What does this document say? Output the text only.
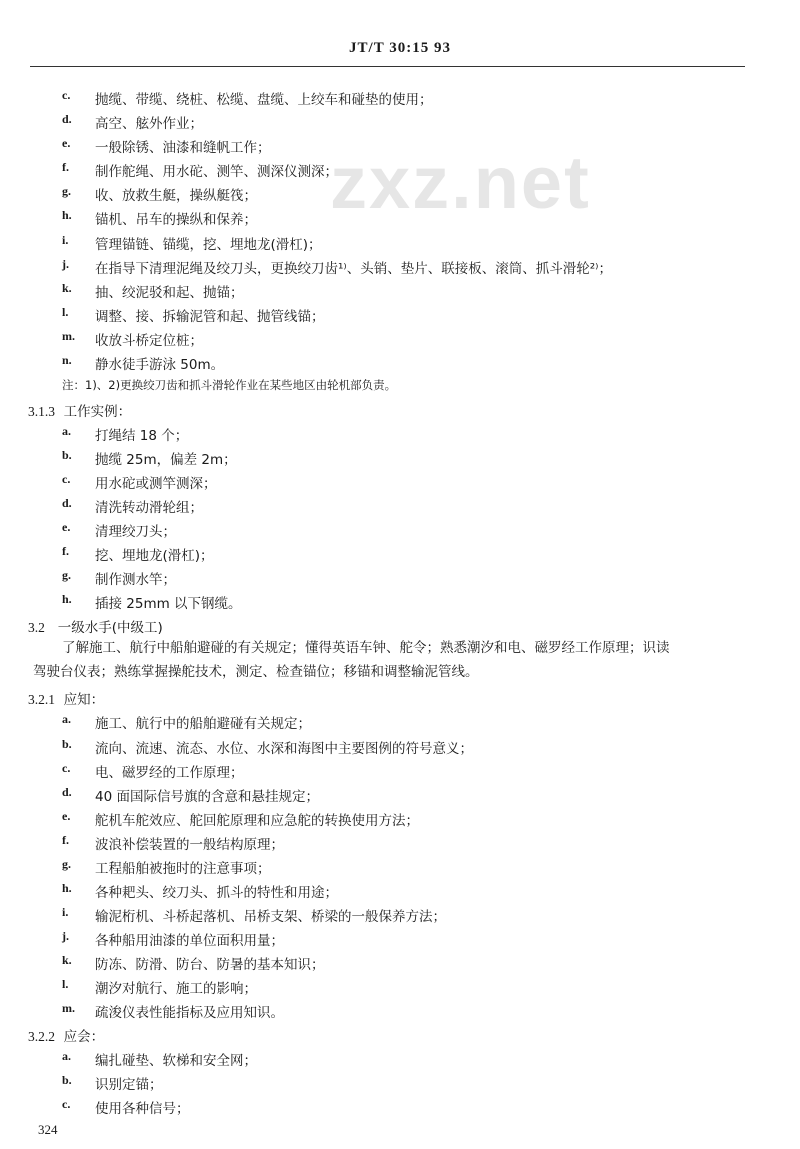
JT/T 30:15 93
zxz.net
c.	抛缆、带缆、绕桩、松缆、盘缆、上绞车和碰垫的使用；
d.	高空、舷外作业；
e.	一般除锈、油漆和缝帆工作；
f.	制作舵绳、用水砣、测竿、测深仪测深；
g.	收、放救生艇，操纵艇筏；
h.	锚机、吊车的操纵和保养；
i.	管理锚链、锚缆，挖、埋地龙(滑杠)；
j.	在指导下清理泥绳及绞刀头，更换绞刀齿¹⁾、头销、垫片、联接板、滚筒、抓斗滑轮²⁾；
k.	抽、绞泥驳和起、抛锚；
l.	调整、接、拆输泥管和起、抛管线锚；
m.	收放斗桥定位桩；
n.	静水徒手游泳 50m。
注：1)、2)更换绞刀齿和抓斗滑轮作业在某些地区由轮机部负责。
3.1.3 工作实例：
a.	打绳结 18 个；
b.	抛缆 25m，偏差 2m；
c.	用水砣或测竿测深；
d.	清洗转动滑轮组；
e.	清理绞刀头；
f.	挖、埋地龙(滑杠)；
g.	制作测水竿；
h.	插接 25mm 以下钢缆。
3.2 一级水手(中级工)
了解施工、航行中船舶避碰的有关规定；懂得英语车钟、舵令；熟悉潮汐和电、磁罗经工作原理；识读
驾驶台仪表；熟练掌握操舵技术，测定、检查锚位；移锚和调整输泥管线。
3.2.1 应知：
a.	施工、航行中的船舶避碰有关规定；
b.	流向、流速、流态、水位、水深和海图中主要图例的符号意义；
c.	电、磁罗经的工作原理；
d.	40 面国际信号旗的含意和悬挂规定；
e.	舵机车舵效应、舵回舵原理和应急舵的转换使用方法；
f.	波浪补偿装置的一般结构原理；
g.	工程船舶被拖时的注意事项；
h.	各种耙头、绞刀头、抓斗的特性和用途；
i.	输泥桁机、斗桥起落机、吊桥支架、桥梁的一般保养方法；
j.	各种船用油漆的单位面积用量；
k.	防冻、防滑、防台、防暑的基本知识；
l.	潮汐对航行、施工的影响；
m.	疏浚仪表性能指标及应用知识。
3.2.2 应会：
a.	编扎碰垫、软梯和安全网；
b.	识别定锚；
c.	使用各种信号；
324
